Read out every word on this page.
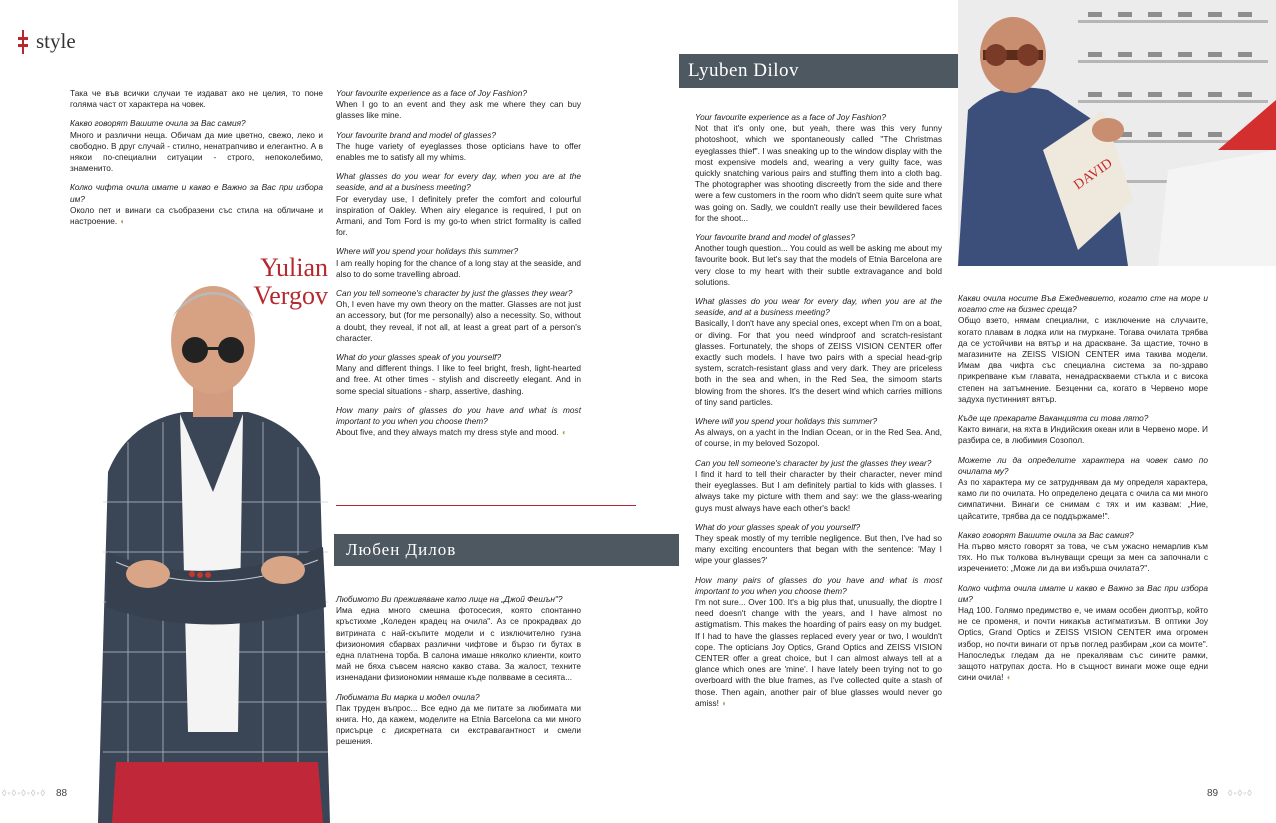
style

Така че във всички случаи те издават ако не целия, то поне голяма част от характера на човек.

Какво говорят Вашите очила за Вас самия?
Много и различни неща. Обичам да мие цветно, свежо, леко и свободно. В друг случай - стилно, ненатрапчиво и елегантно. А в някои по-специални ситуации - строго, непоколебимо, знаменито.

Колко чифта очила имате и какво е Важно за Вас при избора им?
Около пет и винаги са съобразени със стила на обличане и настроение. ◖

Yulian
Vergov

Your favourite experience as a face of Joy Fashion?
When I go to an event and they ask me where they can buy glasses like mine.

Your favourite brand and model of glasses?
The huge variety of eyeglasses those opticians have to offer enables me to satisfy all my whims.

What glasses do you wear for every day, when you are at the seaside, and at a business meeting?
For everyday use, I definitely prefer the comfort and colourful inspiration of Oakley. When airy elegance is required, I put on Armani, and Tom Ford is my go-to when strict formality is called for.

Where will you spend your holidays this summer?
I am really hoping for the chance of a long stay at the seaside, and also to do some travelling abroad.

Can you tell someone's character by just the glasses they wear?
Oh, I even have my own theory on the matter. Glasses are not just an accessory, but (for me personally) also a necessity. So, without a doubt, they reveal, if not all, at least a great part of a person's character.

What do your glasses speak of you yourself?
Many and different things. I like to feel bright, fresh, light-hearted and free. At other times - stylish and discreetly elegant. And in some special situations - sharp, assertive, dashing.

How many pairs of glasses do you have and what is most important to you when you choose them?
About five, and they always match my dress style and mood. ◖

Любен Дилов

Любимото Ви преживяване като лице на „Джой Фешън"?
Има една много смешна фотосесия, която спонтанно кръстихме „Коледен крадец на очила". Аз се прокрадвах до витрината с най-скъпите модели и с изключително гузна физиономия сбарвах различни чифтове и бързо ги бутах в една платнена торба. В салона имаше няколко клиенти, които май не бяха съвсем наясно какво става. За жалост, техните изненадани физиономии нямаше къде полвваме в сесията...

Любимата Ви марка и модел очила?
Пак труден въпрос... Все едно да ме питате за любимата ми книга. Но, да кажем, моделите на Etnia Barcelona са ми много присърце с дискретната си екстравагантност и смели решения.

◊◦◊◦◊◦◊◦◊ 88
Lyuben Dilov
DAVID

Your favourite experience as a face of Joy Fashion?
Not that it's only one, but yeah, there was this very funny photoshoot, which we spontaneously called "The Christmas eyeglasses thief". I was sneaking up to the window display with the most expensive models and, wearing a very guilty face, was quickly snatching various pairs and stuffing them into a cloth bag. The photographer was shooting discreetly from the side and there were a few customers in the room who didn't seem quite sure what was going on. Sadly, we couldn't really use their bewildered faces for the shoot...

Your favourite brand and model of glasses?
Another tough question... You could as well be asking me about my favourite book. But let's say that the models of Etnia Barcelona are very close to my heart with their subtle extravagance and bold solutions.

What glasses do you wear for every day, when you are at the seaside, and at a business meeting?
Basically, I don't have any special ones, except when I'm on a boat, or diving. For that you need windproof and scratch-resistant glasses. Fortunately, the shops of ZEISS VISION CENTER offer exactly such models. I have two pairs with a special head-grip system, scratch-resistant glass and very dark. They are priceless both in the sea and when, in the Red Sea, the simoom starts blowing from the shores. It's the desert wind which carries millions of tiny sand particles.

Where will you spend your holidays this summer?
As always, on a yacht in the Indian Ocean, or in the Red Sea. And, of course, in my beloved Sozopol.

Can you tell someone's character by just the glasses they wear?
I find it hard to tell their character by their character, never mind their eyeglasses. But I am definitely partial to kids with glasses. I always take my picture with them and say: we the glass-wearing guys must always have each other's back!

What do your glasses speak of you yourself?
They speak mostly of my terrible negligence. But then, I've had so many exciting encounters that began with the sentence: 'May I wipe your glasses?'

How many pairs of glasses do you have and what is most important to you when you choose them?
I'm not sure... Over 100. It's a big plus that, unusually, the dioptre I need doesn't change with the years, and I have almost no astigmatism. This makes the hoarding of pairs easy on my budget. If I had to have the glasses replaced every year or two, I wouldn't cope. The opticians Joy Optics, Grand Optics and ZEISS VISION CENTER offer a great choice, but I can almost always tell at a glance which ones are 'mine'. I have lately been trying not to go overboard with the blue frames, as I've collected quite a stash of those. Then again, another pair of blue glasses would never go amiss! ◖

Какви очила носите Във Ежедневието, когато сте на море и когато сте на бизнес среща?
Общо взето, нямам специални, с изключение на случаите, когато плавам в лодка или на гмуркане. Тогава очилата трябва да се устойчиви на вятър и на драскване. За щастие, точно в магазините на ZEISS VISION CENTER има такива модели. Имам два чифта със специална система за по-здраво прикрепване към главата, ненадраскваеми стъкла и с висока степен на затъмнение. Безценни са, когато в Червено море задуха пустинният вятър.

Къде ще прекарате Ваканцията си това лято?
Както винаги, на яхта в Индийския океан или в Червено море. И разбира се, в любимия Созопол.

Можете ли да определите характера на човек само по очилата му?
Аз по характера му се затруднявам да му определя характера, камо ли по очилата. Но определено децата с очила са ми много симпатични. Винаги се снимам с тях и им казвам: „Ние, цайсатите, трябва да се поддържаме!".

Какво говорят Вашите очила за Вас самия?
На първо място говорят за това, че съм ужасно немарлив към тях. Но пък толкова вълнуващи срещи за мен са започнали с изречението: „Може ли да ви избърша очилата?".

Колко чифта очила имате и какво е Важно за Вас при избора им?
Над 100. Голямо предимство е, че имам особен диоптър, който не се променя, и почти никакъв астигматизъм. В оптики Joy Optics, Grand Optics и ZEISS VISION CENTER има огромен избор, но почти винаги от пръв поглед разбирам „кои са моите". Напоследък гледам да не прекалявам със сините рамки, защото натрупах доста. Но в същност винаги може още едни сини очила! ◖

89 ◊◦◊◦◊
